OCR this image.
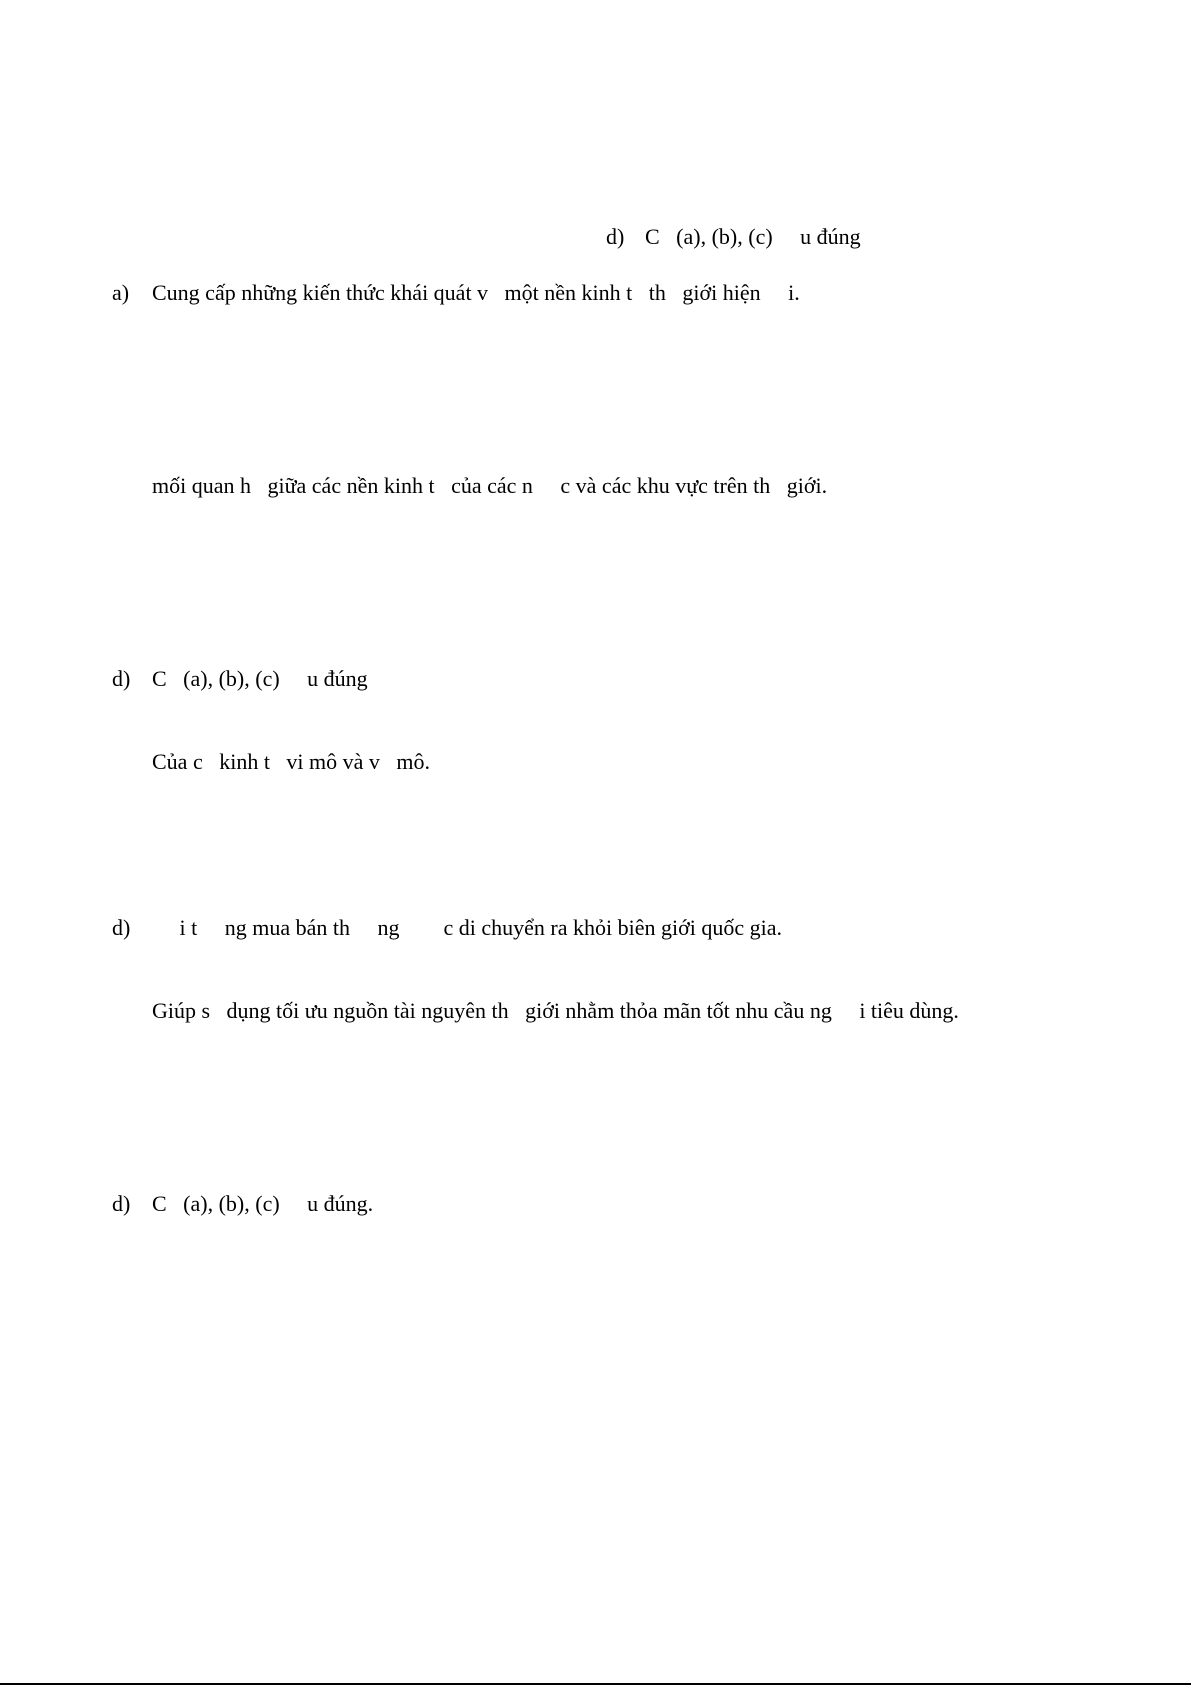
d) C   (a), (b), (c)     u đúng
a) Cung cấp những kiến thức khái quát v   một nền kinh t   th   giới hiện     i.
mối quan h   giữa các nền kinh t   của các n     c và các khu vực trên th   giới.
d) C   (a), (b), (c)     u đúng
Của c   kinh t   vi mô và v   mô.
d) i t     ng mua bán th     ng        c di chuyển ra khỏi biên giới quốc gia.
Giúp s   dụng tối ưu nguồn tài nguyên th   giới nhằm thỏa mãn tốt nhu cầu ng     i tiêu dùng.
d) C   (a), (b), (c)     u đúng.
